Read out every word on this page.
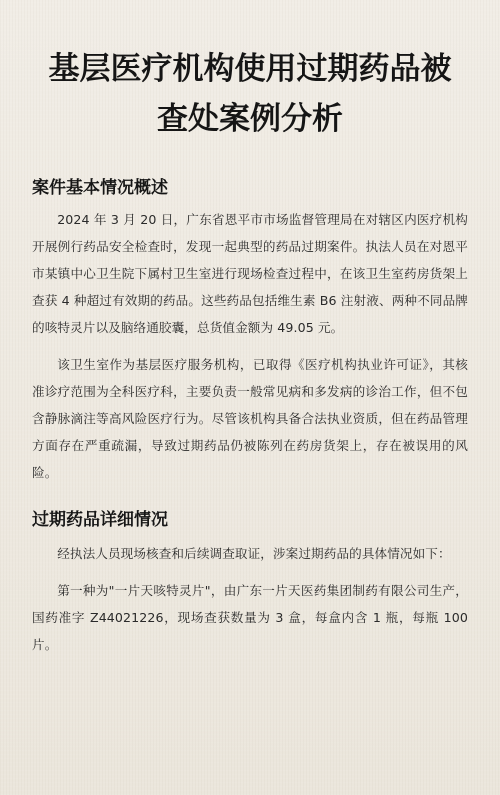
基层医疗机构使用过期药品被
查处案例分析
案件基本情况概述

2024 年 3 月 20 日，广东省恩平市市场监督管理局在对辖区内医疗机构开展例行药品安全检查时，发现一起典型的药品过期案件。执法人员在对恩平市某镇中心卫生院下属村卫生室进行现场检查过程中，在该卫生室药房货架上查获 4 种超过有效期的药品。这些药品包括维生素 B6 注射液、两种不同品牌的咳特灵片以及脑络通胶囊，总货值金额为 49.05 元。

该卫生室作为基层医疗服务机构，已取得《医疗机构执业许可证》，其核准诊疗范围为全科医疗科，主要负责一般常见病和多发病的诊治工作，但不包含静脉滴注等高风险医疗行为。尽管该机构具备合法执业资质，但在药品管理方面存在严重疏漏，导致过期药品仍被陈列在药房货架上，存在被误用的风险。

过期药品详细情况

经执法人员现场核查和后续调查取证，涉案过期药品的具体情况如下：

第一种为"一片天咳特灵片"，由广东一片天医药集团制药有限公司生产，国药准字 Z44021226，现场查获数量为 3 盒，每盒内含 1 瓶，每瓶 100 片。
